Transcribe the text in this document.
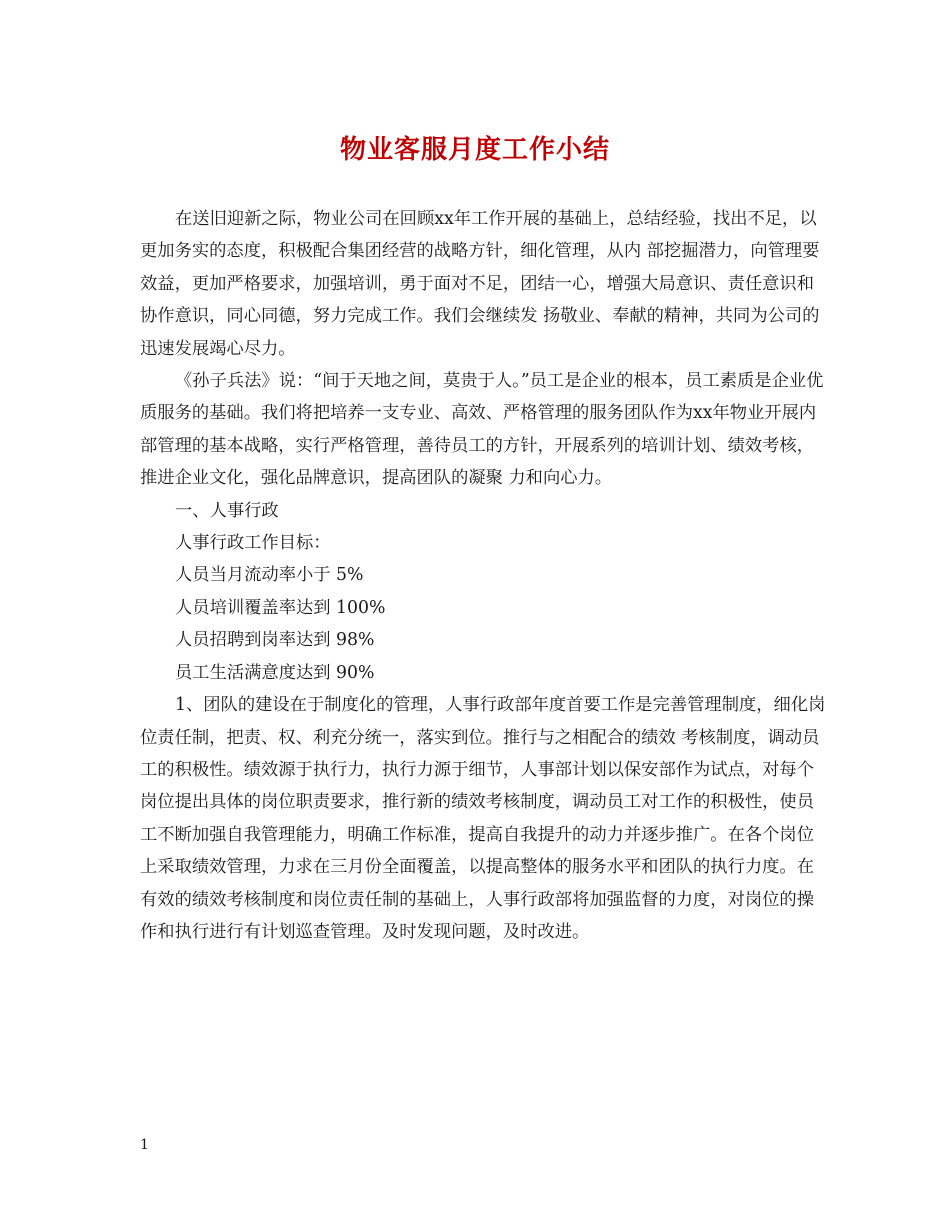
物业客服月度工作小结

在送旧迎新之际，物业公司在回顾xx年工作开展的基础上，总结经验，找出不足，以更加务实的态度，积极配合集团经营的战略方针，细化管理，从内 部挖掘潜力，向管理要效益，更加严格要求，加强培训，勇于面对不足，团结一心，增强大局意识、责任意识和协作意识，同心同德，努力完成工作。我们会继续发 扬敬业、奉献的精神，共同为公司的迅速发展竭心尽力。

《孙子兵法》说：“间于天地之间，莫贵于人。”员工是企业的根本，员工素质是企业优质服务的基础。我们将把培养一支专业、高效、严格管理的服务团队作为xx年物业开展内部管理的基本战略，实行严格管理，善待员工的方针，开展系列的培训计划、绩效考核，推进企业文化，强化品牌意识，提高团队的凝聚 力和向心力。

一、人事行政

人事行政工作目标：

人员当月流动率小于 5%

人员培训覆盖率达到 100%

人员招聘到岗率达到 98%

员工生活满意度达到 90%

1、团队的建设在于制度化的管理，人事行政部年度首要工作是完善管理制度，细化岗位责任制，把责、权、利充分统一，落实到位。推行与之相配合的绩效 考核制度，调动员工的积极性。绩效源于执行力，执行力源于细节，人事部计划以保安部作为试点，对每个岗位提出具体的岗位职责要求，推行新的绩效考核制度，调动员工对工作的积极性，使员工不断加强自我管理能力，明确工作标准，提高自我提升的动力并逐步推广。在各个岗位上采取绩效管理，力求在三月份全面覆盖，以提高整体的服务水平和团队的执行力度。在有效的绩效考核制度和岗位责任制的基础上，人事行政部将加强监督的力度，对岗位的操作和执行进行有计划巡查管理。及时发现问题，及时改进。

1
